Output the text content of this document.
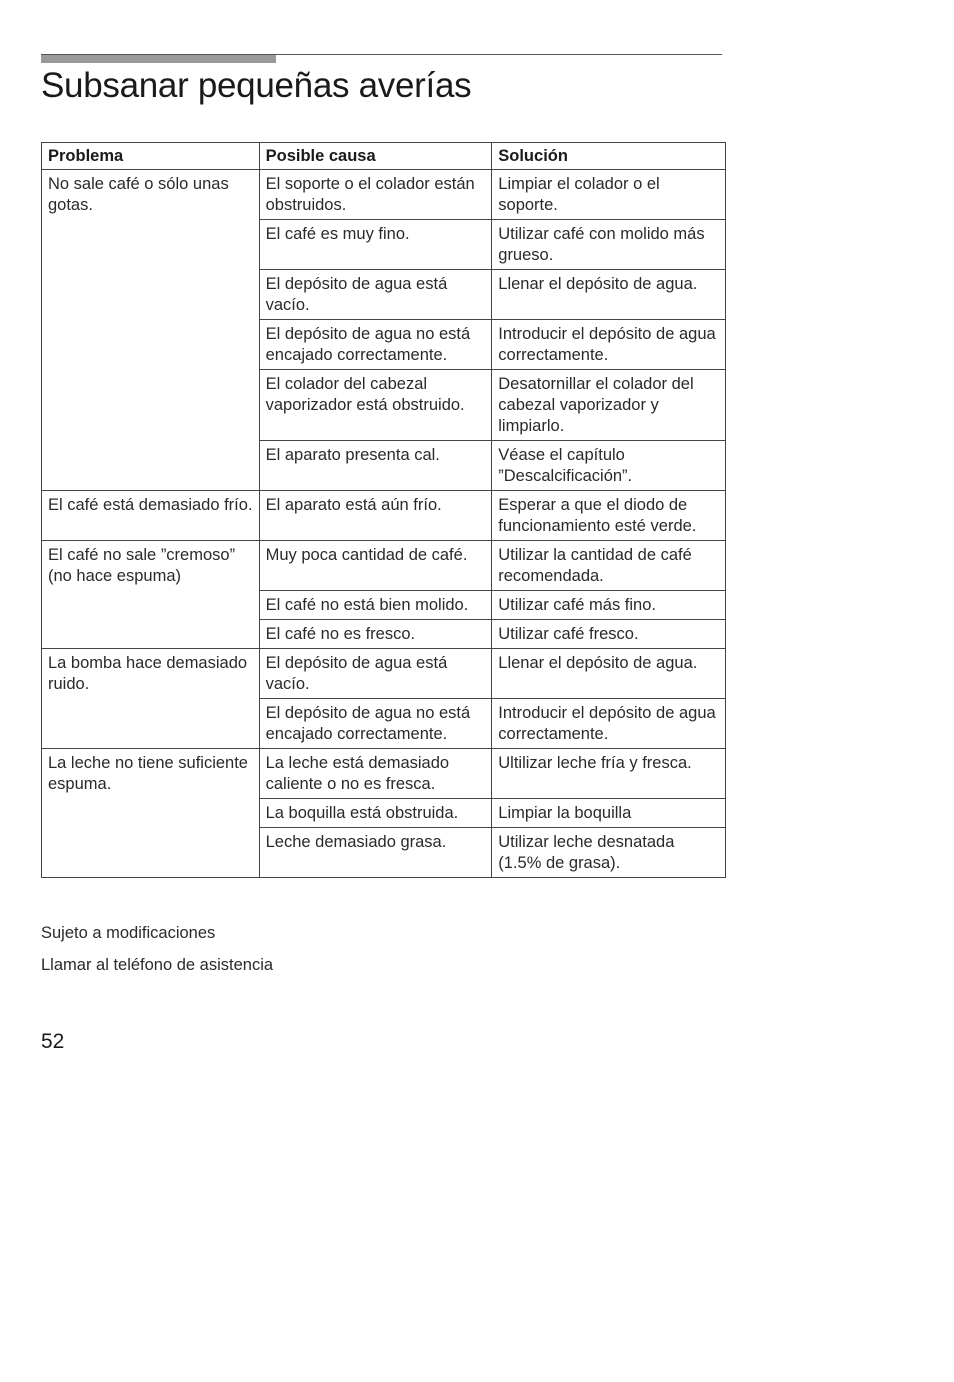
Subsanar pequeñas averías
Problema	Posible causa	Solución
No sale café o sólo unas gotas.	El soporte o el colador están obstruidos.	Limpiar el colador o el soporte.
	El café es muy fino.	Utilizar café con molido más grueso.
	El depósito de agua está vacío.	Llenar el depósito de agua.
	El depósito de agua no está encajado correctamente.	Introducir el depósito de agua correctamente.
	El colador del cabezal vaporizador está obstruido.	Desatornillar el colador del cabezal vaporizador y limpiarlo.
	El aparato presenta cal.	Véase el capítulo ”Descalcificación”.
El café está demasiado frío.	El aparato está aún frío.	Esperar a que el diodo de funcionamiento esté verde.
El café no sale ”cremoso” (no hace espuma)	Muy poca cantidad de café.	Utilizar la cantidad de café recomendada.
	El café no está bien molido.	Utilizar café más fino.
	El café no es fresco.	Utilizar café fresco.
La bomba hace demasiado ruido.	El depósito de agua está vacío.	Llenar el depósito de agua.
	El depósito de agua no está encajado correctamente.	Introducir el depósito de agua correctamente.
La leche no tiene suficiente espuma.	La leche está demasiado caliente o no es fresca.	Ultilizar leche fría y fresca.
	La boquilla está obstruida.	Limpiar la boquilla
	Leche demasiado grasa.	Utilizar leche desnatada (1.5% de grasa).

Sujeto a modificaciones

Llamar al teléfono de asistencia

52
